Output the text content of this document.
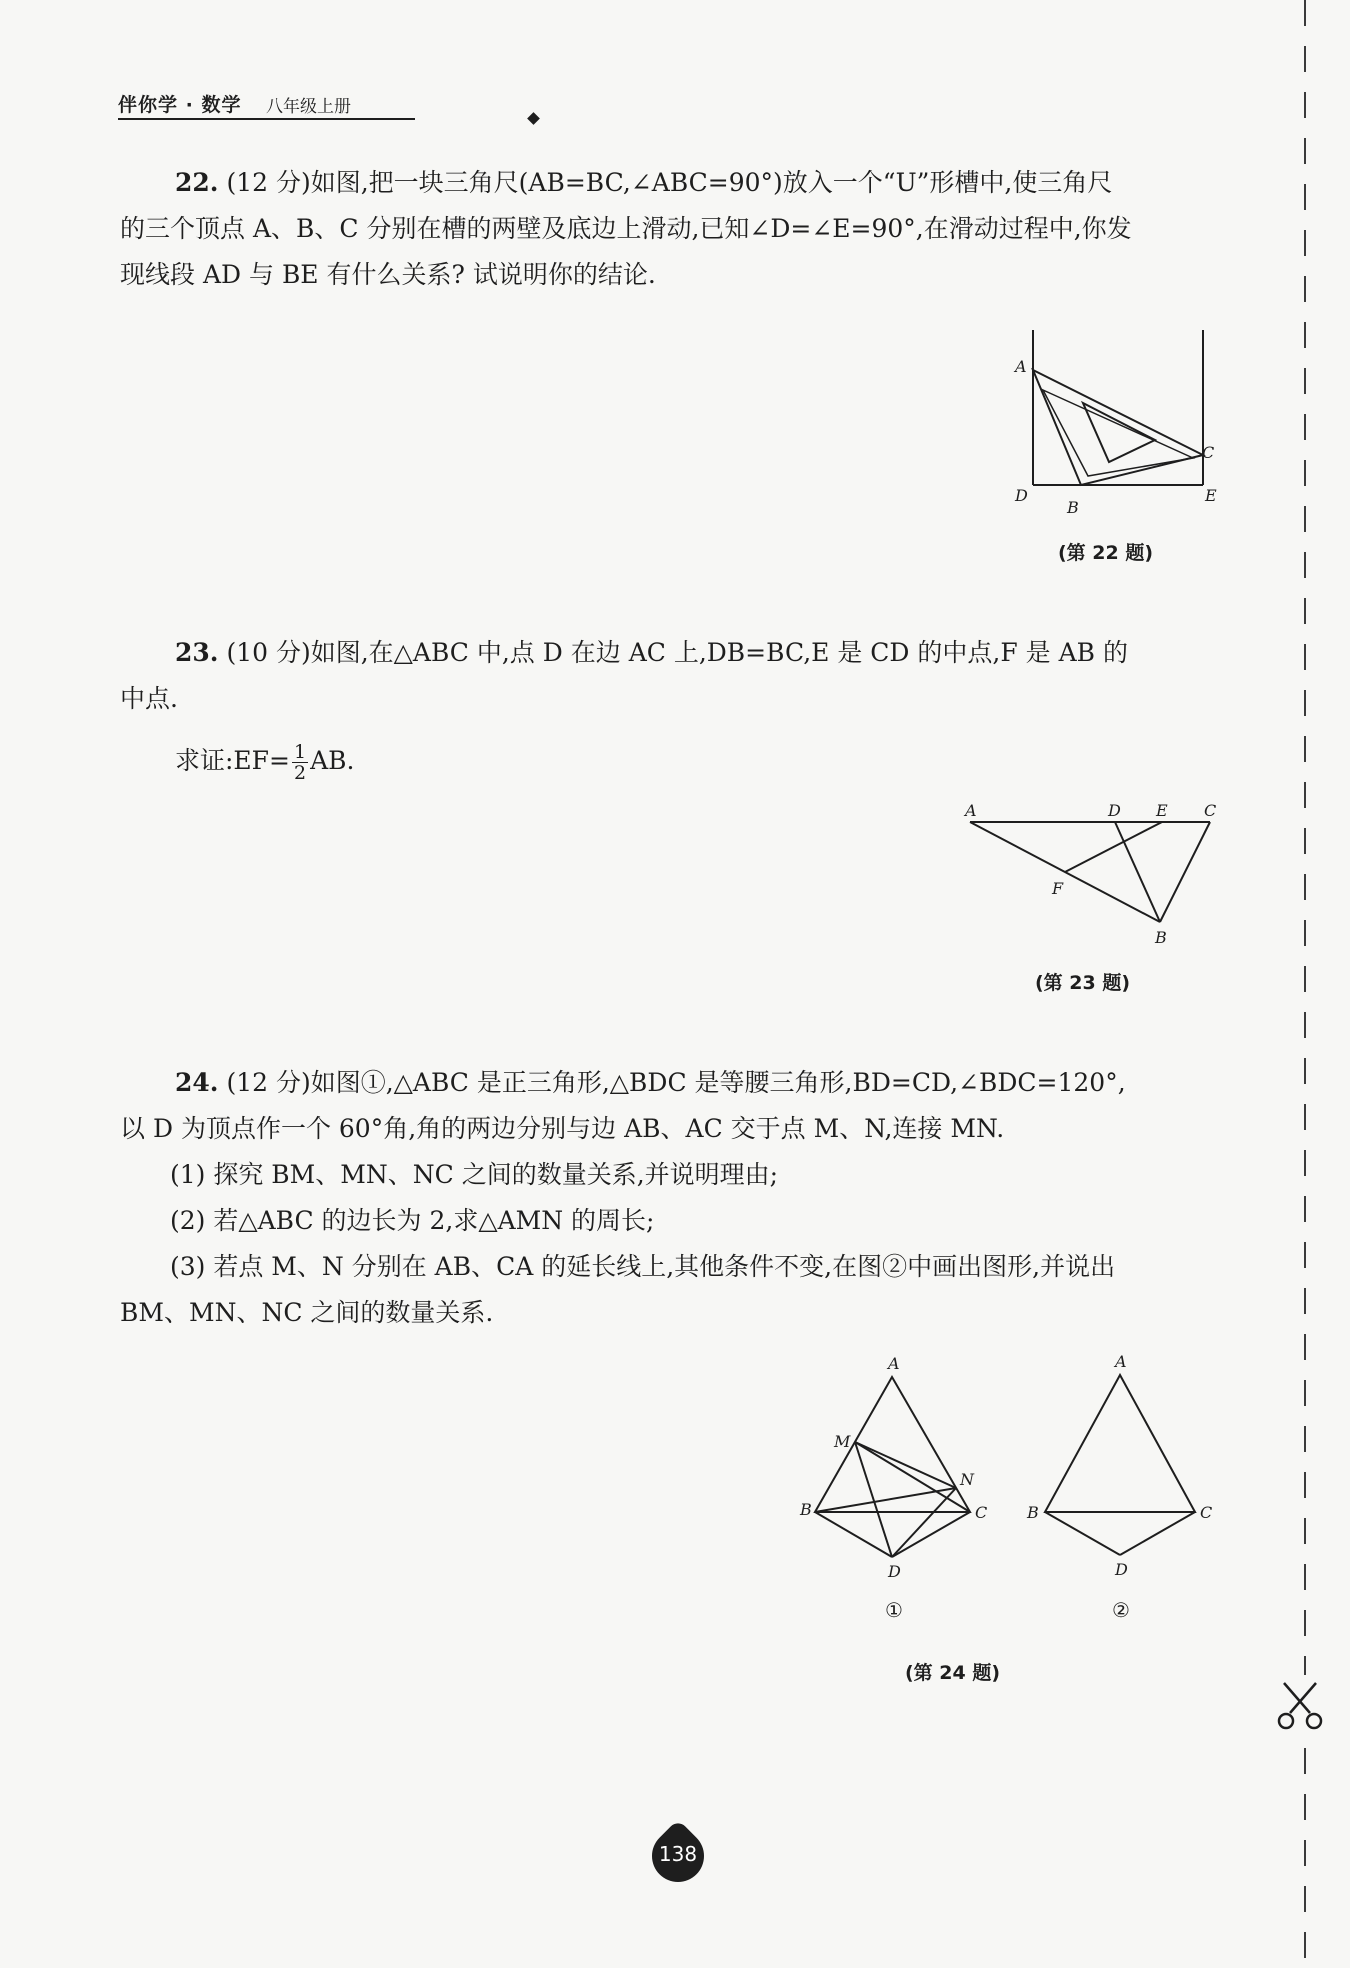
伴你学 · 数学 八年级上册
22. (12 分)如图,把一块三角尺(AB=BC,∠ABC=90°)放入一个“U”形槽中,使三角尺
的三个顶点 A、B、C 分别在槽的两壁及底边上滑动,已知∠D=∠E=90°,在滑动过程中,你发
现线段 AD 与 BE 有什么关系? 试说明你的结论.
A
D
B
C
E
(第 22 题)
23. (10 分)如图,在△ABC 中,点 D 在边 AC 上,DB=BC,E 是 CD 的中点,F 是 AB 的
中点.
求证:EF= $\frac{1}{2}$ AB.
A	D E C
F
B
(第 23 题)
24. (12 分)如图①,△ABC 是正三角形,△BDC 是等腰三角形,BD=CD,∠BDC=120°,
以 D 为顶点作一个 60°角,角的两边分别与边 AB、AC 交于点 M、N,连接 MN.
(1) 探究 BM、MN、NC 之间的数量关系,并说明理由;
(2) 若△ABC 的边长为 2,求△AMN 的周长;
(3) 若点 M、N 分别在 AB、CA 的延长线上,其他条件不变,在图②中画出图形,并说出
BM、MN、NC 之间的数量关系.
A
M
N
B	C
D
A
B	C
D
①	②
(第 24 题)
138
